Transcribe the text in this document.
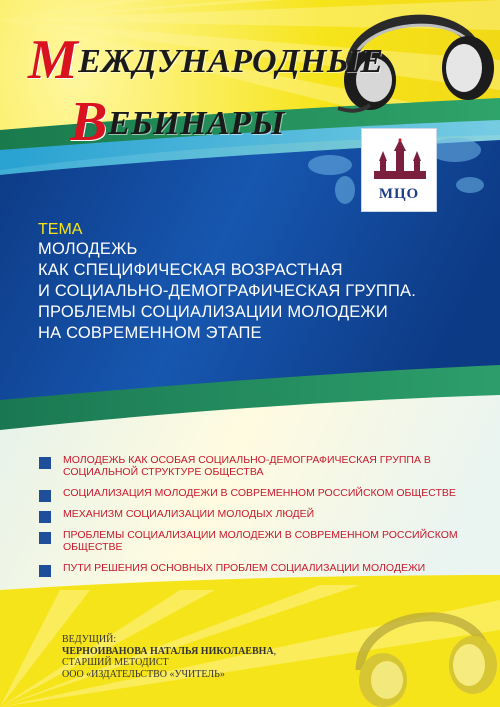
МЕЖДУНАРОДНЫЕ
ВЕБИНАРЫ
МЦО
ТЕМА
МОЛОДЕЖЬ
КАК СПЕЦИФИЧЕСКАЯ ВОЗРАСТНАЯ
И СОЦИАЛЬНО-ДЕМОГРАФИЧЕСКАЯ ГРУППА.
ПРОБЛЕМЫ СОЦИАЛИЗАЦИИ МОЛОДЕЖИ
НА СОВРЕМЕННОМ ЭТАПЕ
МОЛОДЕЖЬ КАК ОСОБАЯ СОЦИАЛЬНО-ДЕМОГРАФИЧЕСКАЯ ГРУППА В СОЦИАЛЬНОЙ СТРУКТУРЕ ОБЩЕСТВА
СОЦИАЛИЗАЦИЯ МОЛОДЕЖИ В СОВРЕМЕННОМ РОССИЙСКОМ ОБЩЕСТВЕ
МЕХАНИЗМ СОЦИАЛИЗАЦИИ МОЛОДЫХ ЛЮДЕЙ
ПРОБЛЕМЫ СОЦИАЛИЗАЦИИ МОЛОДЕЖИ В СОВРЕМЕННОМ РОССИЙСКОМ ОБЩЕСТВЕ
ПУТИ РЕШЕНИЯ ОСНОВНЫХ ПРОБЛЕМ СОЦИАЛИЗАЦИИ МОЛОДЕЖИ
ВЕДУЩИЙ:
ЧЕРНОИВАНОВА НАТАЛЬЯ НИКОЛАЕВНА,
СТАРШИЙ МЕТОДИСТ
ООО «ИЗДАТЕЛЬСТВО «УЧИТЕЛЬ»
